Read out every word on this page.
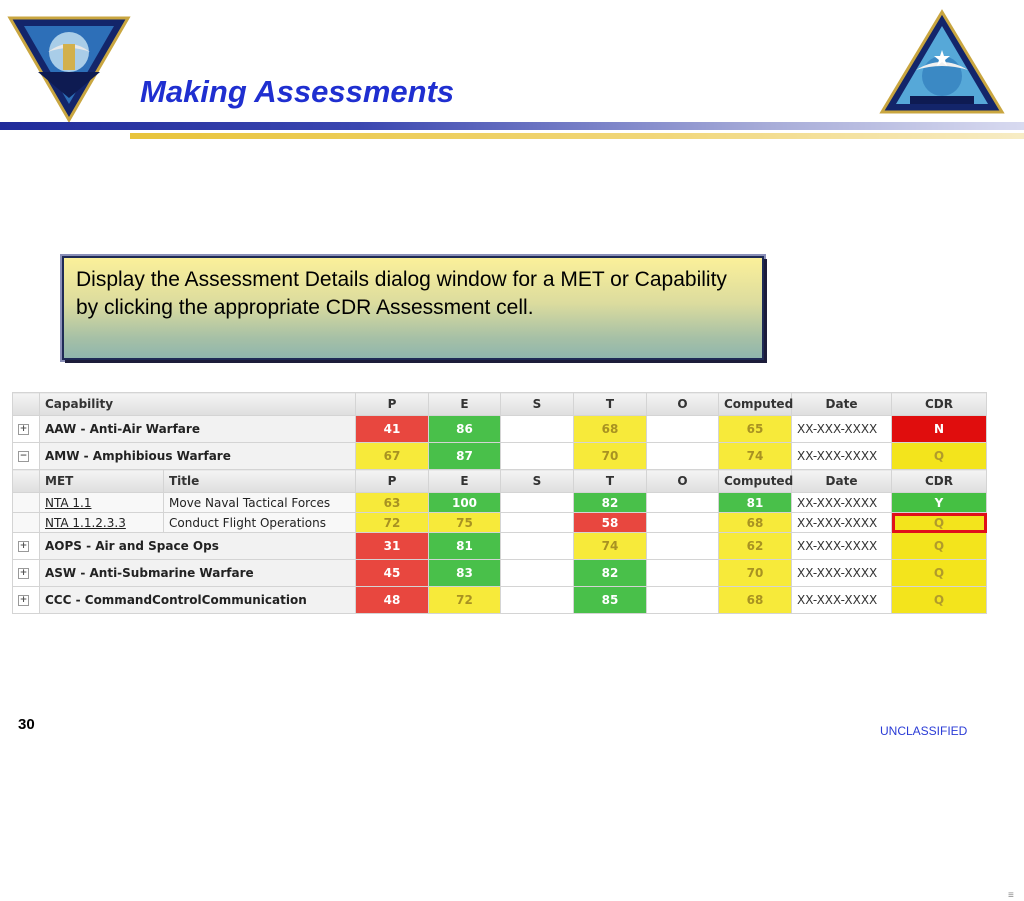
Making Assessments

Display the Assessment Details dialog window for a MET or Capability by clicking the appropriate CDR Assessment cell.

	Capability		P	E	S	T	O	Computed	Date	CDR
+	AAW - Anti-Air Warfare		41	86		68		65	XX-XXX-XXXX	N
−	AMW - Amphibious Warfare		67	87		70		74	XX-XXX-XXXX	Q
	MET	Title	P	E	S	T	O	Computed	Date	CDR
	NTA 1.1	Move Naval Tactical Forces	63	100		82		81	XX-XXX-XXXX	Y
	NTA 1.1.2.3.3	Conduct Flight Operations	72	75		58		68	XX-XXX-XXXX	Q
+	AOPS - Air and Space Ops		31	81		74		62	XX-XXX-XXXX	Q
+	ASW - Anti-Submarine Warfare		45	83		82		70	XX-XXX-XXXX	Q
+	CCC - CommandControlCommunication		48	72		85		68	XX-XXX-XXXX	Q
≡

30	UNCLASSIFIED
